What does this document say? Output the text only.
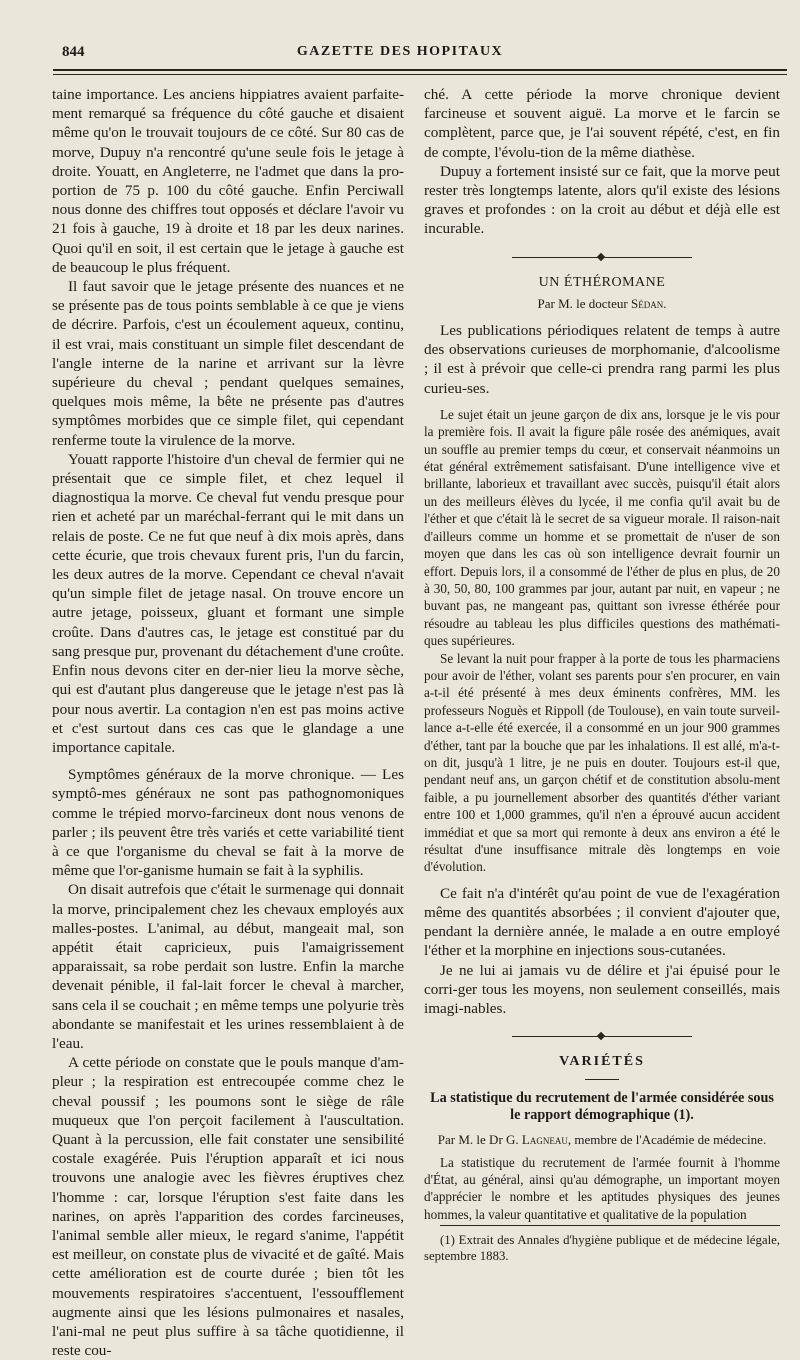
844	GAZETTE DES HOPITAUX

taine importance. Les anciens hippiatres avaient parfaite-ment remarqué sa fréquence du côté gauche et disaient même qu'on le trouvait toujours de ce côté. Sur 80 cas de morve, Dupuy n'a rencontré qu'une seule fois le jetage à droite. Youatt, en Angleterre, ne l'admet que dans la pro-portion de 75 p. 100 du côté gauche. Enfin Perciwall nous donne des chiffres tout opposés et déclare l'avoir vu 21 fois à gauche, 19 à droite et 18 par les deux narines. Quoi qu'il en soit, il est certain que le jetage à gauche est de beaucoup le plus fréquent.

Il faut savoir que le jetage présente des nuances et ne se présente pas de tous points semblable à ce que je viens de décrire. Parfois, c'est un écoulement aqueux, continu, il est vrai, mais constituant un simple filet descendant de l'angle interne de la narine et arrivant sur la lèvre supérieure du cheval ; pendant quelques semaines, quelques mois même, la bête ne présente pas d'autres symptômes morbides que ce simple filet, qui cependant renferme toute la virulence de la morve.

Youatt rapporte l'histoire d'un cheval de fermier qui ne présentait que ce simple filet, et chez lequel il diagnostiqua la morve. Ce cheval fut vendu presque pour rien et acheté par un maréchal-ferrant qui le mit dans un relais de poste. Ce ne fut que neuf à dix mois après, dans cette écurie, que trois chevaux furent pris, l'un du farcin, les deux autres de la morve. Cependant ce cheval n'avait qu'un simple filet de jetage nasal. On trouve encore un autre jetage, poisseux, gluant et formant une simple croûte. Dans d'autres cas, le jetage est constitué par du sang presque pur, provenant du détachement d'une croûte. Enfin nous devons citer en der-nier lieu la morve sèche, qui est d'autant plus dangereuse que le jetage n'est pas là pour nous avertir. La contagion n'en est pas moins active et c'est surtout dans ces cas que le glandage a une importance capitale.

Symptômes généraux de la morve chronique. — Les symptô-mes généraux ne sont pas pathognomoniques comme le trépied morvo-farcineux dont nous venons de parler ; ils peuvent être très variés et cette variabilité tient à ce que l'organisme du cheval se fait à la morve de même que l'or-ganisme humain se fait à la syphilis.

On disait autrefois que c'était le surmenage qui donnait la morve, principalement chez les chevaux employés aux malles-postes. L'animal, au début, mangeait mal, son appétit était capricieux, puis l'amaigrissement apparaissait, sa robe perdait son lustre. Enfin la marche devenait pénible, il fal-lait forcer le cheval à marcher, sans cela il se couchait ; en même temps une polyurie très abondante se manifestait et les urines ressemblaient à de l'eau.

A cette période on constate que le pouls manque d'am-pleur ; la respiration est entrecoupée comme chez le cheval poussif ; les poumons sont le siège de râle muqueux que l'on perçoit facilement à l'auscultation. Quant à la percussion, elle fait constater une sensibilité costale exagérée. Puis l'éruption apparaît et ici nous trouvons une analogie avec les fièvres éruptives chez l'homme : car, lorsque l'éruption s'est faite dans les narines, on après l'apparition des cordes farcineuses, l'animal semble aller mieux, le regard s'anime, l'appétit est meilleur, on constate plus de vivacité et de gaîté. Mais cette amélioration est de courte durée ; bien tôt les mouvements respiratoires s'accentuent, l'essoufflement augmente ainsi que les lésions pulmonaires et nasales, l'ani-mal ne peut plus suffire à sa tâche quotidienne, il reste cou-

ché. A cette période la morve chronique devient farcineuse et souvent aiguë. La morve et le farcin se complètent, parce que, je l'ai souvent répété, c'est, en fin de compte, l'évolu-tion de la même diathèse.

Dupuy a fortement insisté sur ce fait, que la morve peut rester très longtemps latente, alors qu'il existe des lésions graves et profondes : on la croit au début et déjà elle est incurable.

UN ÉTHÉROMANE
Par M. le docteur Sédan.

Les publications périodiques relatent de temps à autre des observations curieuses de morphomanie, d'alcoolisme ; il est à prévoir que celle-ci prendra rang parmi les plus curieu-ses.

Le sujet était un jeune garçon de dix ans, lorsque je le vis pour la première fois. Il avait la figure pâle rosée des anémiques, avait un souffle au premier temps du cœur, et conservait néanmoins un état général extrêmement satisfaisant. D'une intelligence vive et brillante, laborieux et travaillant avec succès, puisqu'il était alors un des meilleurs élèves du lycée, il me confia qu'il avait bu de l'éther et que c'était là le secret de sa vigueur morale. Il raison-nait d'ailleurs comme un homme et se promettait de n'user de son moyen que dans les cas où son intelligence devrait fournir un effort. Depuis lors, il a consommé de l'éther de plus en plus, de 20 à 30, 50, 80, 100 grammes par jour, autant par nuit, en vapeur ; ne buvant pas, ne mangeant pas, quittant son ivresse éthérée pour résoudre au tableau les plus difficiles questions des mathémati-ques supérieures.

Se levant la nuit pour frapper à la porte de tous les pharmaciens pour avoir de l'éther, volant ses parents pour s'en procurer, en vain a-t-il été présenté à mes deux éminents confrères, MM. les professeurs Noguès et Rippoll (de Toulouse), en vain toute surveil-lance a-t-elle été exercée, il a consommé en un jour 900 grammes d'éther, tant par la bouche que par les inhalations. Il est allé, m'a-t-on dit, jusqu'à 1 litre, je ne puis en douter. Toujours est-il que, pendant neuf ans, un garçon chétif et de constitution absolu-ment faible, a pu journellement absorber des quantités d'éther variant entre 100 et 1,000 grammes, qu'il n'en a éprouvé aucun accident immédiat et que sa mort qui remonte à deux ans environ a été le résultat d'une insuffisance mitrale dès longtemps en voie d'évolution.

Ce fait n'a d'intérêt qu'au point de vue de l'exagération même des quantités absorbées ; il convient d'ajouter que, pendant la dernière année, le malade a en outre employé l'éther et la morphine en injections sous-cutanées.

Je ne lui ai jamais vu de délire et j'ai épuisé pour le corri-ger tous les moyens, non seulement conseillés, mais imagi-nables.

VARIÉTÉS
La statistique du recrutement de l'armée considérée sous le rapport démographique (1).
Par M. le Dr G. Lagneau, membre de l'Académie de médecine.

La statistique du recrutement de l'armée fournit à l'homme d'État, au général, ainsi qu'au démographe, un important moyen d'apprécier le nombre et les aptitudes physiques des jeunes hommes, la valeur quantitative et qualitative de la population

(1) Extrait des Annales d'hygiène publique et de médecine légale, septembre 1883.
